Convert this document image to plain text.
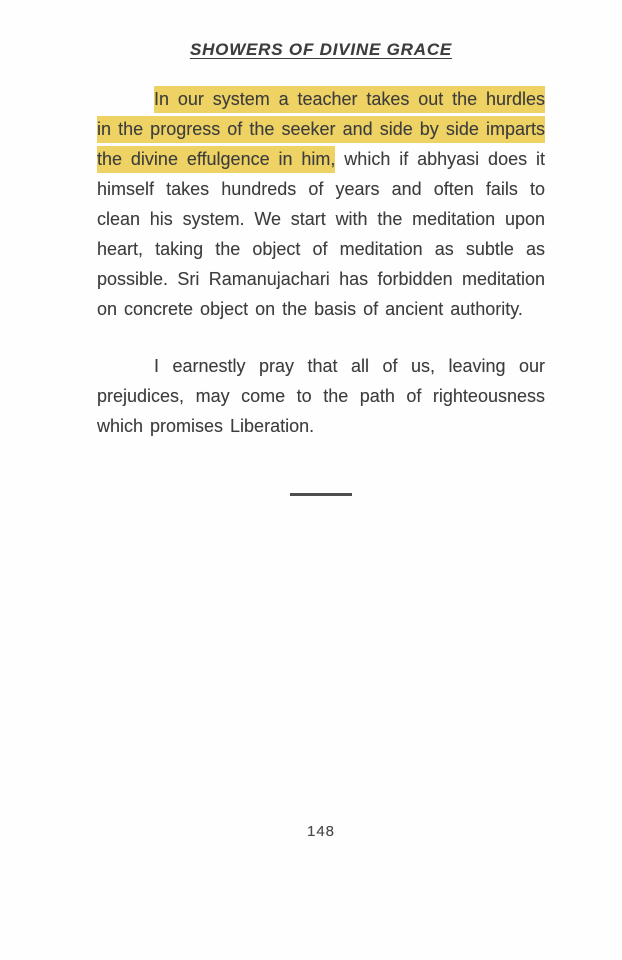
SHOWERS OF DIVINE GRACE

In our system a teacher takes out the hurdles in the progress of the seeker and side by side imparts the divine effulgence in him, which if abhyasi does it himself takes hundreds of years and often fails to clean his system. We start with the meditation upon heart, taking the object of meditation as subtle as possible. Sri Ramanujachari has forbidden meditation on concrete object on the basis of ancient authority.

I earnestly pray that all of us, leaving our prejudices, may come to the path of righteousness which promises Liberation.

148
